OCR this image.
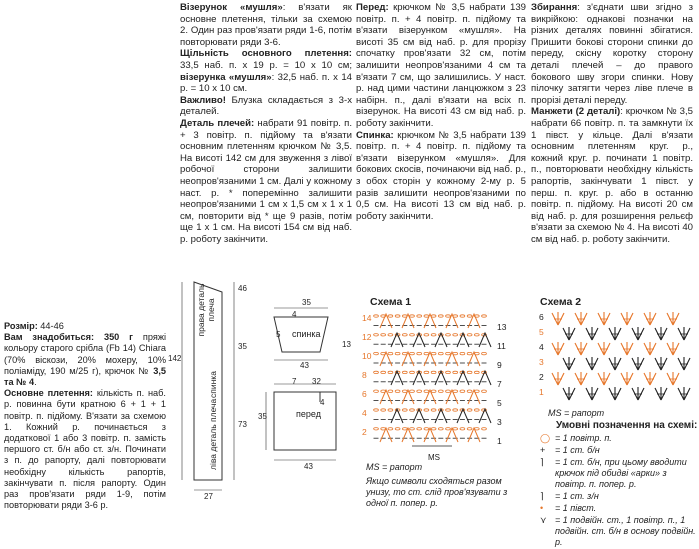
Візерунок «мушля»: в'язати як основне плетення, тільки за схемою 2. Один раз пров'язати ряди 1-6, потім повторювати ряди 3-6.

Щільність основного плетення: 33,5 наб. п. х 19 р. = 10 х 10 см; візерунка «мушля»: 32,5 наб. п. х 14 р. = 10 х 10 см.

Важливо! Блузка складається з 3-х деталей.

Деталь плечей: набрати 91 повітр. п. + 3 повітр. п. підйому та в'язати основним плетенням крючком № 3,5. На висоті 142 см для звуження з лівої робочої сторони залишити неопров'язаними 1 см. Далі у кожному наст. р. * поперемінно залишити неопров'язаними 1 см х 1,5 см х 1 х 1 см, повторити від * ще 9 разів, потім ще 1 х 1 см. На висоті 154 см від наб. р. роботу закінчити.

Перед: крючком № 3,5 набрати 139 повітр. п. + 4 повітр. п. підйому та в'язати візерунком «мушля». На висоті 35 см від наб. р. для прорізу спочатку пров'язати 32 см, потім залишити неопров'язаними 4 см та в'язати 7 см, що залишились. У наст. р. над цими частини ланцюжком з 23 набірн. п., далі в'язати на всіх п. візерунок. На висоті 43 см від наб. р. роботу закінчити.

Спинка: крючком № 3,5 набрати 139 повітр. п. + 4 повітр. п. підйому та в'язати візерунком «мушля». Для бокових скосів, починаючи від наб. р., з обох сторін у кожному 2-му р. 5 разів залишити неопров'язаними по 0,5 см. На висоті 13 см від наб. р. роботу закінчити.

Збирання: з'єднати шви згідно з викрійкою: однакові позначки на різних деталях повинні збігатися. Пришити бокові сторони спинки до переду, скісну коротку сторону деталі плечей – до правого бокового шву згори спинки. Нову пілочку затягти через ліве плече в прорізі деталі переду.

Манжети (2 деталі): крючком № 3,5 набрати 66 повітр. п. та замкнути їх 1 півст. у кільце. Далі в'язати основним плетенням круг. р., кожний круг. р. починати 1 повітр. п., повторювати необхідну кількість рапортів, закінчувати 1 півст. у перш. п. круг. р. або в останню повітр. п. підйому. На висоті 20 см від наб. р. для розширення рельєф в'язати за схемою № 4. На висоті 40 см від наб. р. роботу закінчити.

Розмір: 44-46

Вам знадобиться: 350 г пряжі кольору старого срібла (Fb 14) Chiara (70% віскози, 20% мохеру, 10% поліаміду, 190 м/25 г), крючок № 3,5 та № 4.

Основне плетення: кількість п. наб. р. повинна бути кратною 6 + 1 + 1 повітр. п. підйому. В'язати за схемою 1. Кожний р. починається з додаткової 1 або 3 повітр. п. замість першого ст. б/н або ст. з/н. Починати з п. до рапорту, далі повторювати необхідну кількість рапортів, закінчувати п. після рапорту. Один раз пров'язати ряди 1-9, потім повторювати ряди 3-6 р.

права деталь плеча
ліва деталь плеча
спинка
46
142
35
73
27
35
4
5 спинка
13
43
7 32
4
перед
35
43
Схема 1
14
12
10
8
6
4
2
13
11
9
7
5
3
1
MS
MS = рапорт
Якщо символи сходяться разом унизу, то ст. слід пров'язувати з одної п. попер. р.
Схема 2
6
5
4
3
2
1
MS = рапорт
Умовні позначення на схемі:
◯ = 1 повітр. п.
+	= 1 ст. б/н
⌉	= 1 ст. б/н, при цьому вводити крючок під обидві «арки» з повітр. п. попер. р.
⌉	= 1 ст. з/н
•	= 1 півст.
⋎ = 1 подвійн. ст., 1 повітр. п., 1 подвійн. ст. б/н в основу подвійн. р.
